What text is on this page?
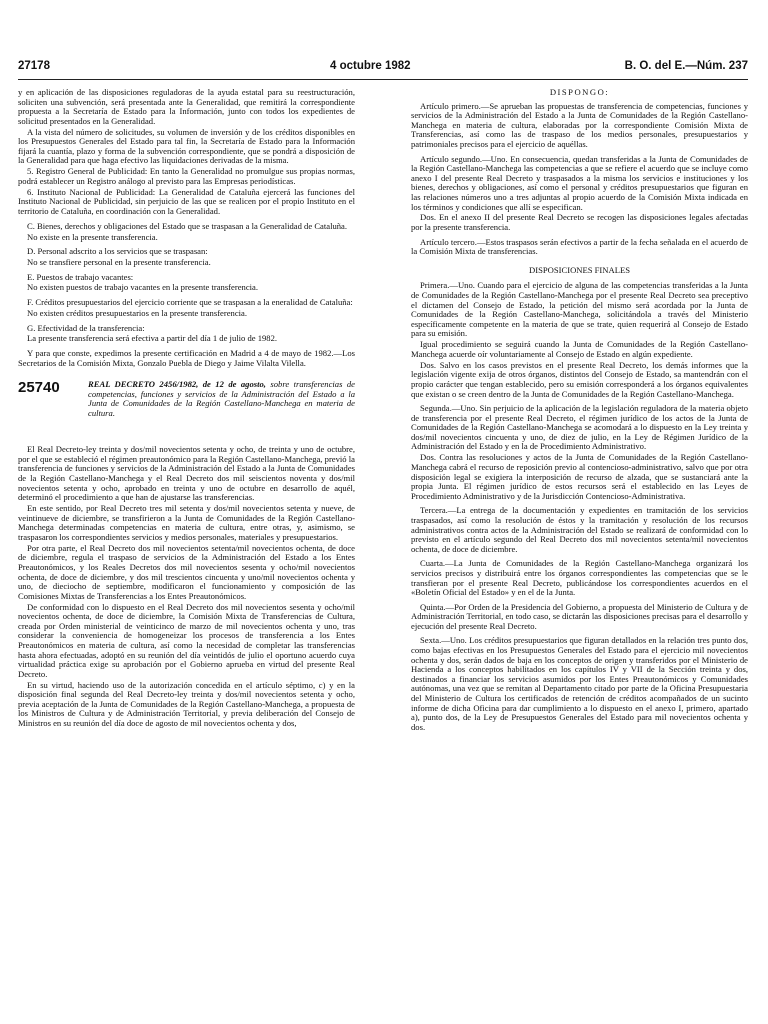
27178	4 octubre 1982	B. O. del E.—Núm. 237

y en aplicación de las disposiciones reguladoras de la ayuda estatal para su reestructuración, soliciten una subvención, será presentada ante la Generalidad, que remitirá la correspondiente propuesta a la Secretaría de Estado para la Información, junto con todos los expedientes de solicitud presentados en la Generalidad.

A la vista del número de solicitudes, su volumen de inversión y de los créditos disponibles en los Presupuestos Generales del Estado para tal fin, la Secretaría de Estado para la Información fijará la cuantía, plazo y forma de la subvención correspondiente, que se pondrá a disposición de la Generalidad para que haga efectivo las liquidaciones derivadas de la misma.

5. Registro General de Publicidad: En tanto la Generalidad no promulgue sus propias normas, podrá establecer un Registro análogo al previsto para las Empresas periodísticas.

6. Instituto Nacional de Publicidad: La Generalidad de Cataluña ejercerá las funciones del Instituto Nacional de Publicidad, sin perjuicio de las que se realicen por el propio Instituto en el territorio de Cataluña, en coordinación con la Generalidad.

C. Bienes, derechos y obligaciones del Estado que se traspasan a la Generalidad de Cataluña.

No existe en la presente transferencia.

D. Personal adscrito a los servicios que se traspasan:

No se transfiere personal en la presente transferencia.

E. Puestos de trabajo vacantes:

No existen puestos de trabajo vacantes en la presente transferencia.

F. Créditos presupuestarios del ejercicio corriente que se traspasan a la eneralidad de Cataluña:

No existen créditos presupuestarios en la presente transferencia.

G. Efectividad de la transferencia:

La presente transferencia será efectiva a partir del día 1 de julio de 1982.

Y para que conste, expedimos la presente certificación en Madrid a 4 de mayo de 1982.—Los Secretarios de la Comisión Mixta, Gonzalo Puebla de Diego y Jaime Vilalta Vilella.

25740	REAL DECRETO 2456/1982, de 12 de agosto, sobre transferencias de competencias, funciones y servicios de la Administración del Estado a la Junta de Comunidades de la Región Castellano-Manchega en materia de cultura.

El Real Decreto-ley treinta y dos/mil novecientos setenta y ocho, de treinta y uno de octubre, por el que se estableció el régimen preautonómico para la Región Castellano-Manchega, previó la transferencia de funciones y servicios de la Administración del Estado a la Junta de Comunidades de la Región Castellano-Manchega y el Real Decreto dos mil seiscientos noventa y dos/mil novecientos setenta y ocho, aprobado en treinta y uno de octubre en desarrollo de aquél, determinó el procedimiento a que han de ajustarse las transferencias.

En este sentido, por Real Decreto tres mil setenta y dos/mil novecientos setenta y nueve, de veintinueve de diciembre, se transfirieron a la Junta de Comunidades de la Región Castellano-Manchega determinadas competencias en materia de cultura, entre otras, y, asimismo, se traspasaron los correspondientes servicios y medios personales, materiales y presupuestarios.

Por otra parte, el Real Decreto dos mil novecientos setenta/mil novecientos ochenta, de doce de diciembre, regula el traspaso de servicios de la Administración del Estado a los Entes Preautonómicos, y los Reales Decretos dos mil novecientos sesenta y ocho/mil novecientos ochenta, de doce de diciembre, y dos mil trescientos cincuenta y uno/mil novecientos ochenta y uno, de dieciocho de septiembre, modificaron el funcionamiento y composición de las Comisiones Mixtas de Transferencias a los Entes Preautonómicos.

De conformidad con lo dispuesto en el Real Decreto dos mil novecientos sesenta y ocho/mil novecientos ochenta, de doce de diciembre, la Comisión Mixta de Transferencias de Cultura, creada por Orden ministerial de veinticinco de marzo de mil novecientos ochenta y uno, tras considerar la conveniencia de homogeneizar los procesos de transferencia a los Entes Preautonómicos en materia de cultura, así como la necesidad de completar las transferencias hasta ahora efectuadas, adoptó en su reunión del día veintidós de julio el oportuno acuerdo cuya virtualidad práctica exige su aprobación por el Gobierno aprueba en virtud del presente Real Decreto.

En su virtud, haciendo uso de la autorización concedida en el artículo séptimo, c) y en la disposición final segunda del Real Decreto-ley treinta y dos/mil novecientos setenta y ocho, previa aceptación de la Junta de Comunidades de la Región Castellano-Manchega, a propuesta de los Ministros de Cultura y de Administración Territorial, y previa deliberación del Consejo de Ministros en su reunión del día doce de agosto de mil novecientos ochenta y dos,

DISPONGO:

Artículo primero.—Se aprueban las propuestas de transferencia de competencias, funciones y servicios de la Administración del Estado a la Junta de Comunidades de la Región Castellano-Manchega en materia de cultura, elaboradas por la correspondiente Comisión Mixta de Transferencias, así como las de traspaso de los medios personales, presupuestarios y patrimoniales precisos para el ejercicio de aquéllas.

Artículo segundo.—Uno. En consecuencia, quedan transferidas a la Junta de Comunidades de la Región Castellano-Manchega las competencias a que se refiere el acuerdo que se incluye como anexo I del presente Real Decreto y traspasados a la misma los servicios e instituciones y los bienes, derechos y obligaciones, así como el personal y créditos presupuestarios que figuran en las relaciones números uno a tres adjuntas al propio acuerdo de la Comisión Mixta indicada en los términos y condiciones que allí se especifican.

Dos. En el anexo II del presente Real Decreto se recogen las disposiciones legales afectadas por la presente transferencia.

Artículo tercero.—Estos traspasos serán efectivos a partir de la fecha señalada en el acuerdo de la Comisión Mixta de transferencias.

DISPOSICIONES FINALES

Primera.—Uno. Cuando para el ejercicio de alguna de las competencias transferidas a la Junta de Comunidades de la Región Castellano-Manchega por el presente Real Decreto sea preceptivo el dictamen del Consejo de Estado, la petición del mismo será acordada por la Junta de Comunidades de la Región Castellano-Manchega, solicitándola a través del Ministerio específicamente competente en la materia de que se trate, quien requerirá al Consejo de Estado para su emisión.

Igual procedimiento se seguirá cuando la Junta de Comunidades de la Región Castellano-Manchega acuerde oír voluntariamente al Consejo de Estado en algún expediente.

Dos. Salvo en los casos previstos en el presente Real Decreto, los demás informes que la legislación vigente exija de otros órganos, distintos del Consejo de Estado, sa mantendrán con el propio carácter que tengan establecido, pero su emisión corresponderá a los órganos equivalentes que existan o se creen dentro de la Junta de Comunidades de la Región Castellano-Manchega.

Segunda.—Uno. Sin perjuicio de la aplicación de la legislación reguladora de la materia objeto de transferencia por el presente Real Decreto, el régimen jurídico de los actos de la Junta de Comunidades de la Región Castellano-Manchega se acomodará a lo dispuesto en la Ley treinta y dos/mil novecientos cincuenta y uno, de diez de julio, en la Ley de Régimen Jurídico de la Administración del Estado y en la de Procedimiento Administrativo.

Dos. Contra las resoluciones y actos de la Junta de Comunidades de la Región Castellano-Manchega cabrá el recurso de reposición previo al contencioso-administrativo, salvo que por otra disposición legal se exigiera la interposición de recurso de alzada, que se sustanciará ante la propia Junta. El régimen jurídico de estos recursos será el establecido en las Leyes de Procedimiento Administrativo y de la Jurisdicción Contencioso-Administrativa.

Tercera.—La entrega de la documentación y expedientes en tramitación de los servicios traspasados, así como la resolución de éstos y la tramitación y resolución de los recursos administrativos contra actos de la Administración del Estado se realizará de conformidad con lo previsto en el artículo segundo del Real Decreto dos mil novecientos setenta/mil novecientos ochenta, de doce de diciembre.

Cuarta.—La Junta de Comunidades de la Región Castellano-Manchega organizará los servicios precisos y distribuirá entre los órganos correspondientes las competencias que se le transfieran por el presente Real Decreto, publicándose los correspondientes acuerdos en el «Boletín Oficial del Estado» y en el de la Junta.

Quinta.—Por Orden de la Presidencia del Gobierno, a propuesta del Ministerio de Cultura y de Administración Territorial, en todo caso, se dictarán las disposiciones precisas para el desarrollo y ejecución del presente Real Decreto.

Sexta.—Uno. Los créditos presupuestarios que figuran detallados en la relación tres punto dos, como bajas efectivas en los Presupuestos Generales del Estado para el ejercicio mil novecientos ochenta y dos, serán dados de baja en los conceptos de origen y transferidos por el Ministerio de Hacienda a los conceptos habilitados en los capítulos IV y VII de la Sección treinta y dos, destinados a financiar los servicios asumidos por los Entes Preautonómicos y Comunidades autónomas, una vez que se remitan al Departamento citado por parte de la Oficina Presupuestaria del Ministerio de Cultura los certificados de retención de créditos acompañados de un sucinto informe de dicha Oficina para dar cumplimiento a lo dispuesto en el anexo I, primero, apartado a), punto dos, de la Ley de Presupuestos Generales del Estado para mil novecientos ochenta y dos.
